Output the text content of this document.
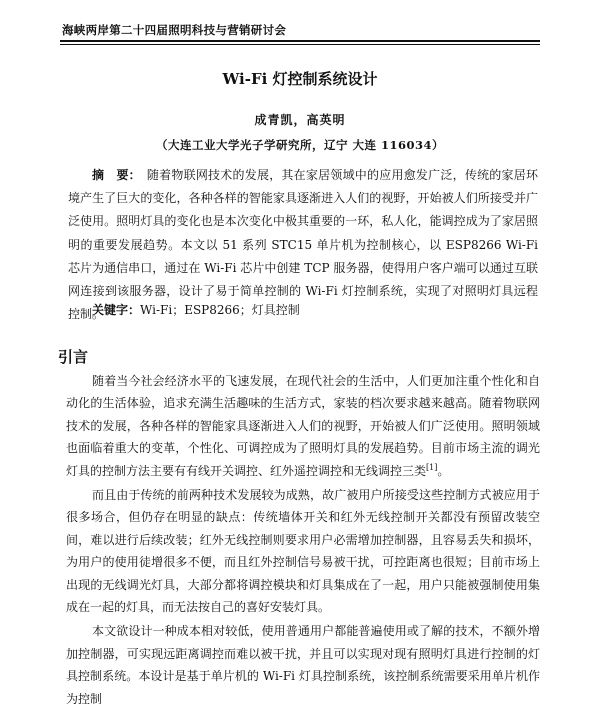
海峡两岸第二十四届照明科技与营销研讨会
Wi-Fi 灯控制系统设计
成青凯，高英明
（大连工业大学光子学研究所，辽宁 大连 116034）

摘　要： 随着物联网技术的发展，其在家居领域中的应用愈发广泛，传统的家居环境产生了巨大的变化，各种各样的智能家具逐渐进入人们的视野，开始被人们所接受并广泛使用。照明灯具的变化也是本次变化中极其重要的一环，私人化，能调控成为了家居照明的重要发展趋势。本文以 51 系列 STC15 单片机为控制核心，以 ESP8266 Wi-Fi 芯片为通信串口，通过在 Wi-Fi 芯片中创建 TCP 服务器，使得用户客户端可以通过互联网连接到该服务器，设计了易于简单控制的 Wi-Fi 灯控制系统，实现了对照明灯具远程控制。

关键字：Wi-Fi；ESP8266；灯具控制
引言

随着当今社会经济水平的飞速发展，在现代社会的生活中，人们更加注重个性化和自动化的生活体验，追求充满生活趣味的生活方式，家装的档次要求越来越高。随着物联网技术的发展，各种各样的智能家具逐渐进入人们的视野，开始被人们广泛使用。照明领域也面临着重大的变革，个性化、可调控成为了照明灯具的发展趋势。目前市场主流的调光灯具的控制方法主要有有线开关调控、红外遥控调控和无线调控三类[1]。

而且由于传统的前两种技术发展较为成熟，故广被用户所接受这些控制方式被应用于很多场合，但仍存在明显的缺点：传统墙体开关和红外无线控制开关都没有预留改装空间，难以进行后续改装；红外无线控制则要求用户必需增加控制器，且容易丢失和损坏，为用户的使用徒增很多不便，而且红外控制信号易被干扰，可控距离也很短；目前市场上出现的无线调光灯具，大部分都将调控模块和灯具集成在了一起，用户只能被强制使用集成在一起的灯具，而无法按自己的喜好安装灯具。

本文欲设计一种成本相对较低，使用普通用户都能普遍使用或了解的技术，不额外增加控制器，可实现远距离调控而难以被干扰，并且可以实现对现有照明灯具进行控制的灯具控制系统。本设计是基于单片机的 Wi-Fi 灯具控制系统，该控制系统需要采用单片机作为控制
